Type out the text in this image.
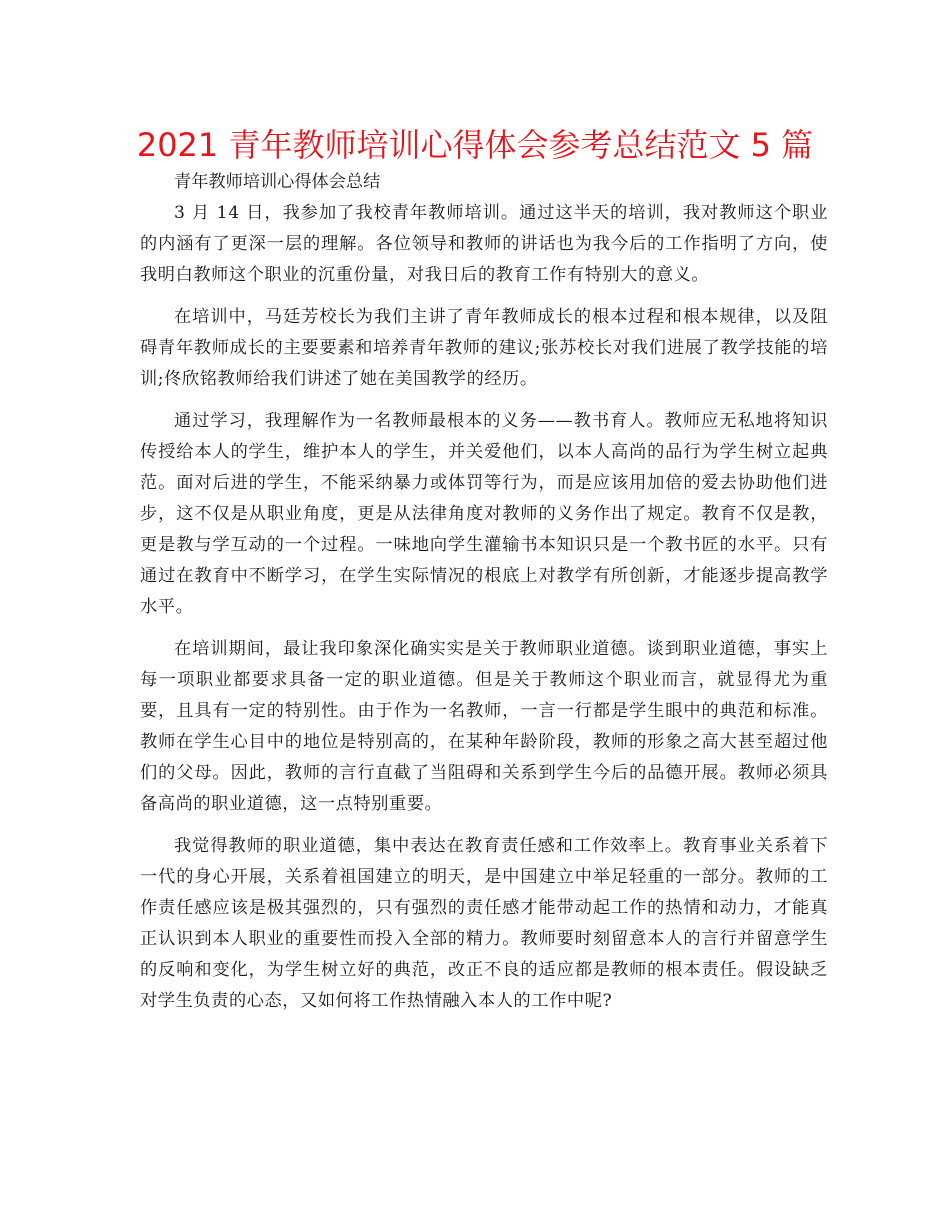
2021 青年教师培训心得体会参考总结范文 5 篇

青年教师培训心得体会总结

3 月 14 日，我参加了我校青年教师培训。通过这半天的培训，我对教师这个职业的内涵有了更深一层的理解。各位领导和教师的讲话也为我今后的工作指明了方向，使我明白教师这个职业的沉重份量，对我日后的教育工作有特别大的意义。

在培训中，马廷芳校长为我们主讲了青年教师成长的根本过程和根本规律，以及阻碍青年教师成长的主要要素和培养青年教师的建议;张苏校长对我们进展了教学技能的培训;佟欣铭教师给我们讲述了她在美国教学的经历。

通过学习，我理解作为一名教师最根本的义务——教书育人。教师应无私地将知识传授给本人的学生，维护本人的学生，并关爱他们，以本人高尚的品行为学生树立起典范。面对后进的学生，不能采纳暴力或体罚等行为，而是应该用加倍的爱去协助他们进步，这不仅是从职业角度，更是从法律角度对教师的义务作出了规定。教育不仅是教，更是教与学互动的一个过程。一味地向学生灌输书本知识只是一个教书匠的水平。只有通过在教育中不断学习，在学生实际情况的根底上对教学有所创新，才能逐步提高教学水平。

在培训期间，最让我印象深化确实实是关于教师职业道德。谈到职业道德，事实上每一项职业都要求具备一定的职业道德。但是关于教师这个职业而言，就显得尤为重要，且具有一定的特别性。由于作为一名教师，一言一行都是学生眼中的典范和标准。教师在学生心目中的地位是特别高的，在某种年龄阶段，教师的形象之高大甚至超过他们的父母。因此，教师的言行直截了当阻碍和关系到学生今后的品德开展。教师必须具备高尚的职业道德，这一点特别重要。

我觉得教师的职业道德，集中表达在教育责任感和工作效率上。教育事业关系着下一代的身心开展，关系着祖国建立的明天，是中国建立中举足轻重的一部分。教师的工作责任感应该是极其强烈的，只有强烈的责任感才能带动起工作的热情和动力，才能真正认识到本人职业的重要性而投入全部的精力。教师要时刻留意本人的言行并留意学生的反响和变化，为学生树立好的典范，改正不良的适应都是教师的根本责任。假设缺乏对学生负责的心态，又如何将工作热情融入本人的工作中呢?
